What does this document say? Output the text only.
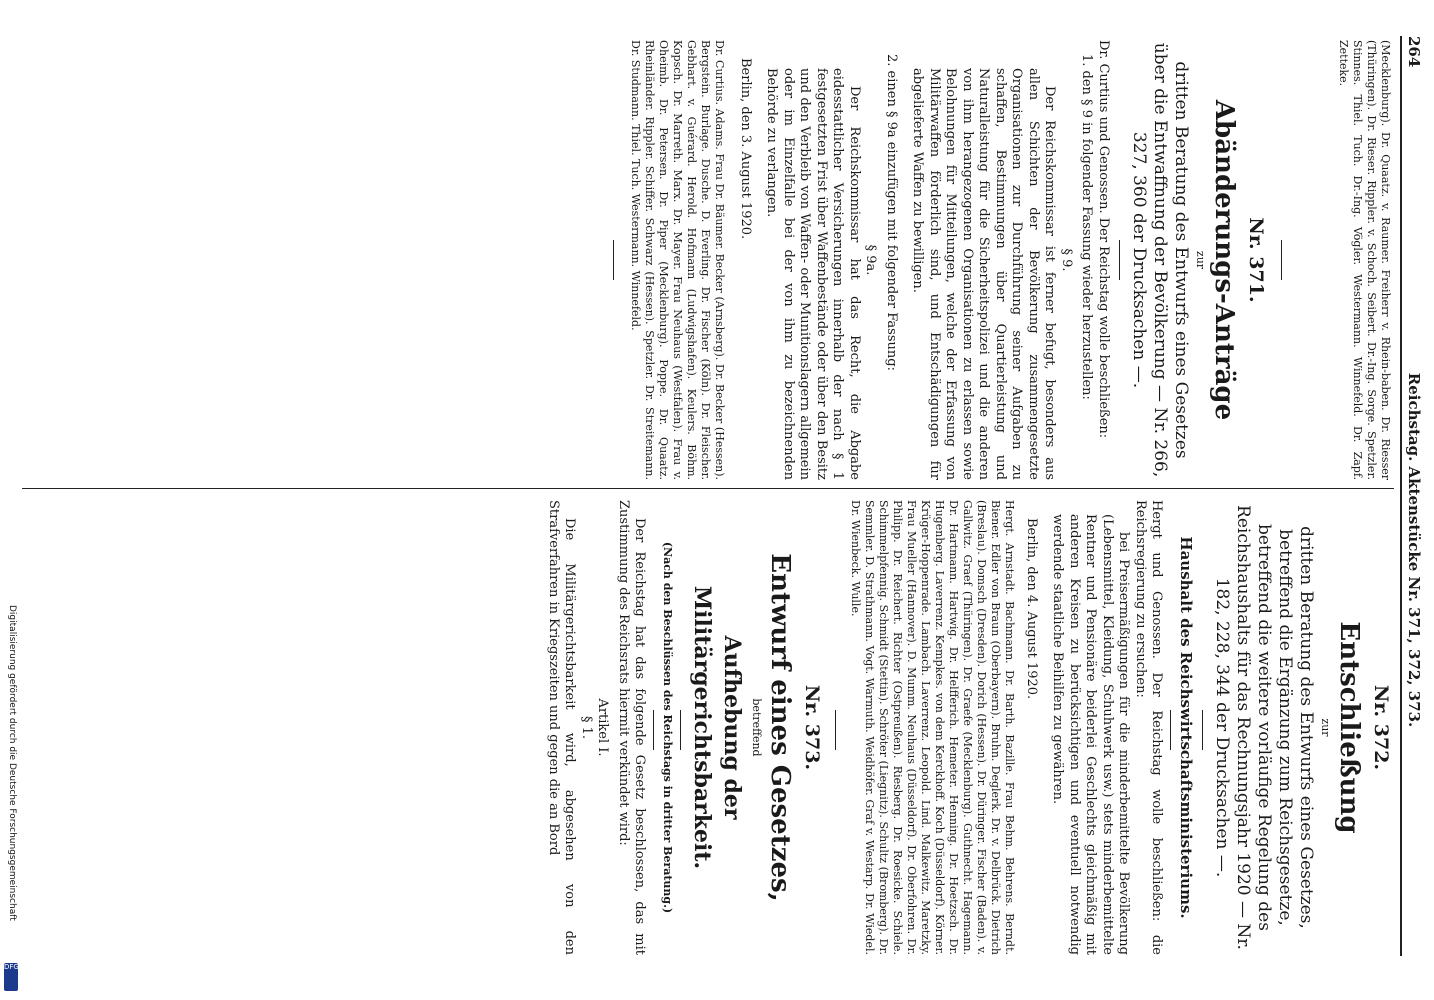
264
Reichstag. Aktenstücke Nr. 371, 372, 373.

(Mecklenburg). Dr. Quaatz. v. Raumer. Freiherr v. Rhein-baben. Dr. Riesser (Thüringen). Dr. Rieser. Rippler. v. Schoch. Seibert. Dr.-Ing. Sorge. Spetzler. Stinnes. Thiel. Tuch. Dr.-Ing. Vögler. Westermann. Winnefeld. Dr. Zapf. Zetteke.

Nr. 371.

Abänderungs-Anträge

zur

dritten Beratung des Entwurfs eines Gesetzes über die Entwaffnung der Bevölkerung — Nr. 266, 327, 360 der Drucksachen —.

Dr. Curtius und Genossen. Der Reichstag wolle beschließen:

1. den § 9 in folgender Fassung wieder herzustellen:

§ 9.

Der Reichskommissar ist ferner befugt, besonders aus allen Schichten der Bevölkerung zusammengesetzte Organisationen zur Durchführung seiner Aufgaben zu schaffen, Bestimmungen über Quartierleistung und Naturalleistung für die Sicherheitspolizei und die anderen von ihm herangezogenen Organisationen zu erlassen sowie Belohnungen für Mitteilungen, welche der Erfassung von Militärwaffen förderlich sind, und Entschädigungen für abgelieferte Waffen zu bewilligen.

2. einen § 9a einzufügen mit folgender Fassung:

§ 9a.

Der Reichskommissar hat das Recht, die Abgabe eidesstattlicher Versicherungen innerhalb der nach § 1 festgesetzten Frist über Waffenbestände oder über den Besitz und den Verbleib von Waffen- oder Munitionslagern allgemein oder im Einzelfalle bei der von ihm zu bezeichnenden Behörde zu verlangen.

Berlin, den 3. August 1920.

Dr. Curtius. Adams. Frau Dr. Bäumer. Becker (Arnsberg). Dr. Becker (Hessen). Bergstein. Burlage. Dusche. D. Everling. Dr. Fischer (Köln). Dr. Fleischer. Gebhart. v. Guérard. Herold. Hofmann (Ludwigshafen). Keulers. Böhm. Kopsch. Dr. Marreth. Marx. Dr. Mayer. Frau Neuhaus (Westfalen). Frau v. Oheimb. Dr. Petersen. Dr. Piper (Mecklenburg). Poppe. Dr. Quaatz. Rheinländer. Rippler. Schiffer. Schwarz (Hessen). Spetzler. Dr. Streitemann. Dr. Studmann. Thiel. Tuch. Westermann. Winnefeld.

Nr. 372.

Entschließung

zur

dritten Beratung des Entwurfs eines Gesetzes, betreffend die Ergänzung zum Reichsgesetze, betreffend die weitere vorläufige Regelung des Reichshaushalts für das Rechnungsjahr 1920 — Nr. 182, 228, 344 der Drucksachen —.

Haushalt des Reichswirtschaftsministeriums.

Hergt und Genossen. Der Reichstag wolle beschließen: die Reichsregierung zu ersuchen:

bei Preisermäßigungen für die minderbemittelte Bevölkerung (Lebensmittel, Kleidung, Schuhwerk usw.) stets minderbemittelte Rentner und Pensionäre beiderlei Geschlechts gleichmäßig mit anderen Kreisen zu berücksichtigen und eventuell notwendig werdende staatliche Beihilfen zu gewähren.

Berlin, den 4. August 1920.

Hergt. Arnstadt. Bachmann. Dr. Barth. Bazille. Frau Behm. Behrens. Berndt. Biener. Edler von Braun (Oberbayern). Bruhn. Deglerk. Dr. v. Delbrück. Dietrich (Breslau). Domsch (Dresden). Dorich (Hessen). Dr. Düringer. Fischer (Baden). v. Gallwitz. Graef (Thüringen). Dr. Graefe (Mecklenburg). Guthnecht. Hagemann. Dr. Hartmann. Hartwig. Dr. Helfferich. Hemeter. Henning. Dr. Hoetzsch. Dr. Hugenberg. Laverrenz. Kempkes. von dem Kerckhoff. Koch (Düsseldorf). Körner. Krüger-Hoppenrade. Lambach. Laverrenz. Leopold. Lind. Malkewitz. Maretzky. Frau Mueller (Hannover). D. Mumm. Neuhaus (Düsseldorf). Dr. Oberfohren. Dr. Philipp. Dr. Reichert. Richter (Ostpreußen). Riesberg. Dr. Roesicke. Schiele. Schimmelpfennig. Schmidt (Stettin). Schröter (Liegnitz). Schultz (Bromberg). Dr. Semmler. D. Strathmann. Vogt. Warmuth. Weidhöfer. Graf v. Westarp. Dr. Wiedel. Dr. Wienbeck. Wulle.

Nr. 373.

Entwurf eines Gesetzes,

betreffend

Aufhebung der Militärgerichtsbarkeit.

(Nach den Beschlüssen des Reichstags in dritter Beratung.)

Der Reichstag hat das folgende Gesetz beschlossen, das mit Zustimmung des Reichsrats hiermit verkündet wird:

Artikel I.

§ 1.

Die Militärgerichtsbarkeit wird, abgesehen von den Strafverfahren in Kriegszeiten und gegen die an Bord

Digitalisierung gefördert durch die Deutsche Forschungsgemeinschaft
DFG
